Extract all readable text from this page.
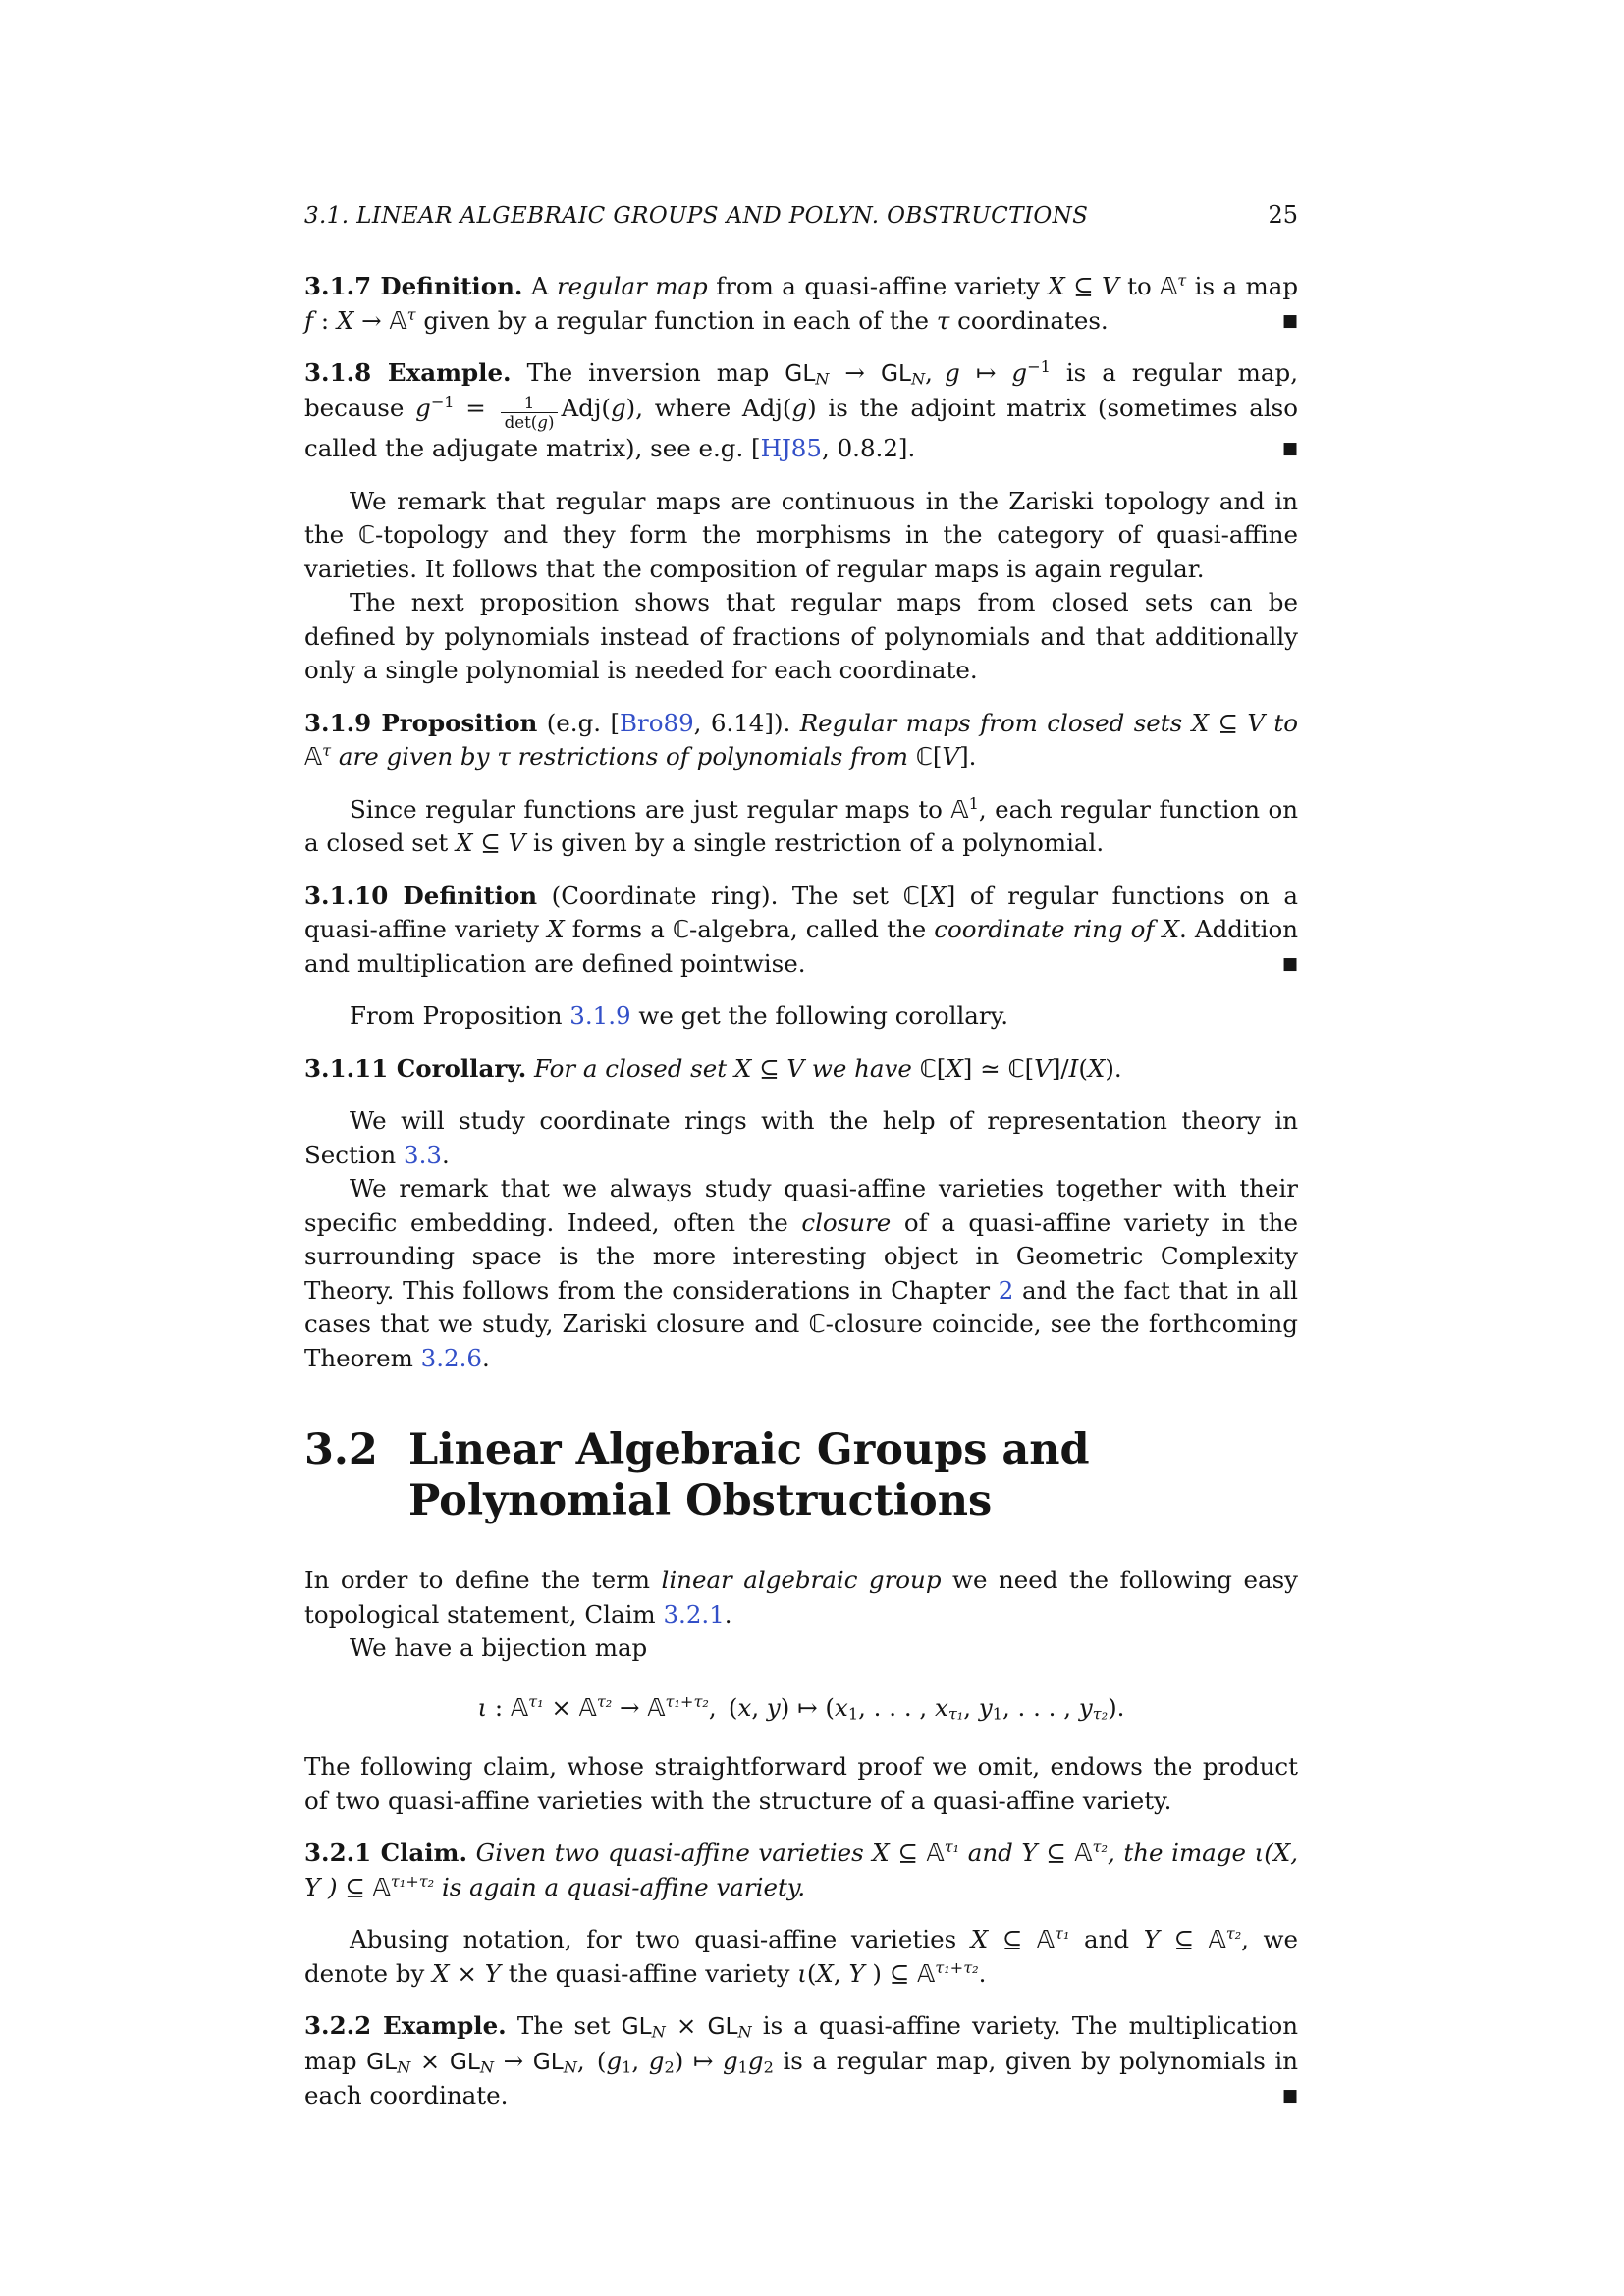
3.1. LINEAR ALGEBRAIC GROUPS AND POLYN. OBSTRUCTIONS	25

3.1.7 Definition. A regular map from a quasi-affine variety X ⊆ V to 𝔸$^\tau$ is a map f : X → 𝔸$^\tau$ given by a regular function in each of the τ coordinates.	■

3.1.8 Example. The inversion map GLN → GLN, g ↦ $g^{-1}$ is a regular map, because $g^{-1} = \frac{1}{\det(g)} Adj(g)$, where Adj(g) is the adjoint matrix (sometimes also called the adjugate matrix), see e.g. [HJ85, 0.8.2].	■

We remark that regular maps are continuous in the Zariski topology and in the ℂ-topology and they form the morphisms in the category of quasi-affine varieties. It follows that the composition of regular maps is again regular.

The next proposition shows that regular maps from closed sets can be defined by polynomials instead of fractions of polynomials and that additionally only a single polynomial is needed for each coordinate.

3.1.9 Proposition (e.g. [Bro89, 6.14]). Regular maps from closed sets X ⊆ V to 𝔸$^\tau$ are given by τ restrictions of polynomials from ℂ[V].

Since regular functions are just regular maps to 𝔸$^1$, each regular function on a closed set X ⊆ V is given by a single restriction of a polynomial.

3.1.10 Definition (Coordinate ring). The set ℂ[X] of regular functions on a quasi-affine variety X forms a ℂ-algebra, called the coordinate ring of X. Addition and multiplication are defined pointwise.	■

From Proposition 3.1.9 we get the following corollary.

3.1.11 Corollary. For a closed set X ⊆ V we have ℂ[X] ≃ ℂ[V]/I(X).

We will study coordinate rings with the help of representation theory in Section 3.3.

We remark that we always study quasi-affine varieties together with their specific embedding. Indeed, often the closure of a quasi-affine variety in the surrounding space is the more interesting object in Geometric Complexity Theory. This follows from the considerations in Chapter 2 and the fact that in all cases that we study, Zariski closure and ℂ-closure coincide, see the forthcoming Theorem 3.2.6.

3.2 Linear Algebraic Groups and Polynomial Obstructions

In order to define the term linear algebraic group we need the following easy topological statement, Claim 3.2.1.

We have a bijection map

ι : 𝔸$^{\tau_1}$ × 𝔸$^{\tau_2}$ → 𝔸$^{\tau_1+\tau_2}$, (x, y) ↦ (x1, . . . , xτ₁, y1, . . . , yτ₂).

The following claim, whose straightforward proof we omit, endows the product of two quasi-affine varieties with the structure of a quasi-affine variety.

3.2.1 Claim. Given two quasi-affine varieties X ⊆ 𝔸$^{\tau_1}$ and Y ⊆ 𝔸$^{\tau_2}$, the image ι(X, Y ) ⊆ 𝔸$^{\tau_1+\tau_2}$ is again a quasi-affine variety.

Abusing notation, for two quasi-affine varieties X ⊆ 𝔸$^{\tau_1}$ and Y ⊆ 𝔸$^{\tau_2}$, we denote by X × Y the quasi-affine variety ι(X, Y ) ⊆ 𝔸$^{\tau_1+\tau_2}$.

3.2.2 Example. The set GLN × GLN is a quasi-affine variety. The multiplication map GLN × GLN → GLN, (g1, g2) ↦ g1g2 is a regular map, given by polynomials in each coordinate.	■
